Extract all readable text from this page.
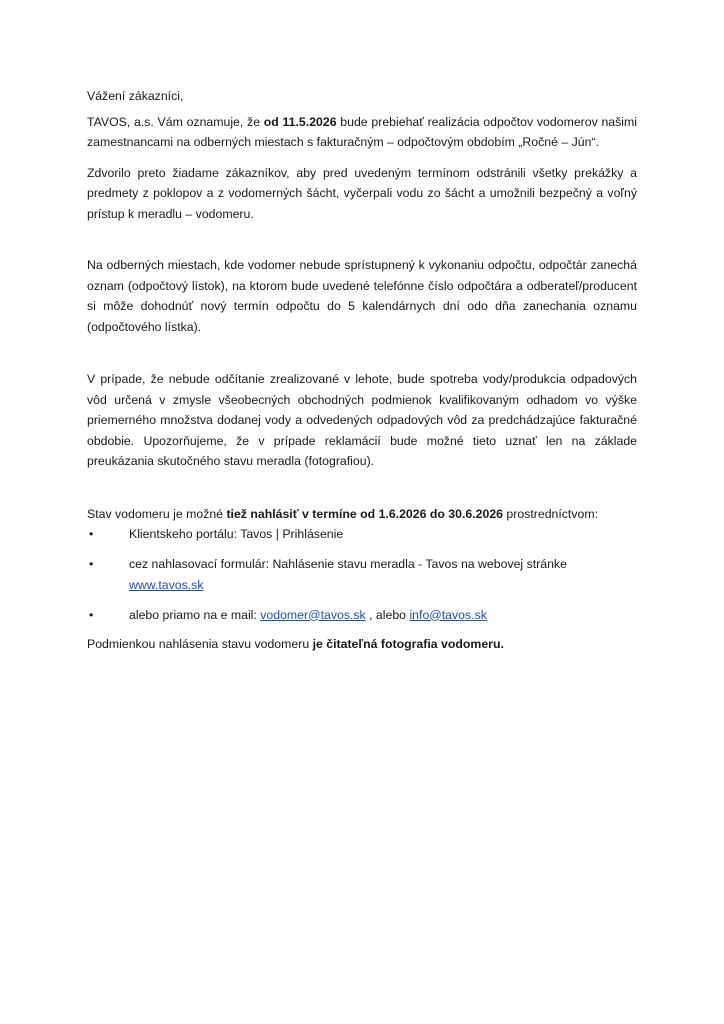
Vážení zákazníci,

TAVOS, a.s. Vám oznamuje, že od 11.5.2026 bude prebiehať realizácia odpočtov vodomerov našimi zamestnancami na odberných miestach s fakturačným – odpočtovým obdobím „Ročné – Jún“.

Zdvorilo preto žiadame zákazníkov, aby pred uvedeným termínom odstránili všetky prekážky a predmety z poklopov a z vodomerných šácht, vyčerpali vodu zo šácht a umožnili bezpečný a voľný prístup k meradlu – vodomeru.

Na odberných miestach, kde vodomer nebude sprístupnený k vykonaniu odpočtu, odpočtár zanechá oznam (odpočtový lístok), na ktorom bude uvedené telefónne číslo odpočtára a odberateľ/producent si môže dohodnúť nový termín odpočtu do 5 kalendárnych dní odo dňa zanechania oznamu (odpočtového lístka).

V prípade, že nebude odčítanie zrealizované v lehote, bude spotreba vody/produkcia odpadových vôd určená v zmysle všeobecných obchodných podmienok kvalifikovaným odhadom vo výške priemerného množstva dodanej vody a odvedených odpadových vôd za predchádzajúce fakturačné obdobie. Upozorňujeme, že v prípade reklamácií bude možné tieto uznať len na základe preukázania skutočného stavu meradla (fotografiou).

Stav vodomeru je možné tiež nahlásiť v termíne od 1.6.2026 do 30.6.2026 prostredníctvom:

•	Klientskeho portálu: Tavos | Prihlásenie
•	cez nahlasovací formulár: Nahlásenie stavu meradla - Tavos na webovej stránke www.tavos.sk
•	alebo priamo na e mail: vodomer@tavos.sk , alebo info@tavos.sk

Podmienkou nahlásenia stavu vodomeru je čitateľná fotografia vodomeru.
